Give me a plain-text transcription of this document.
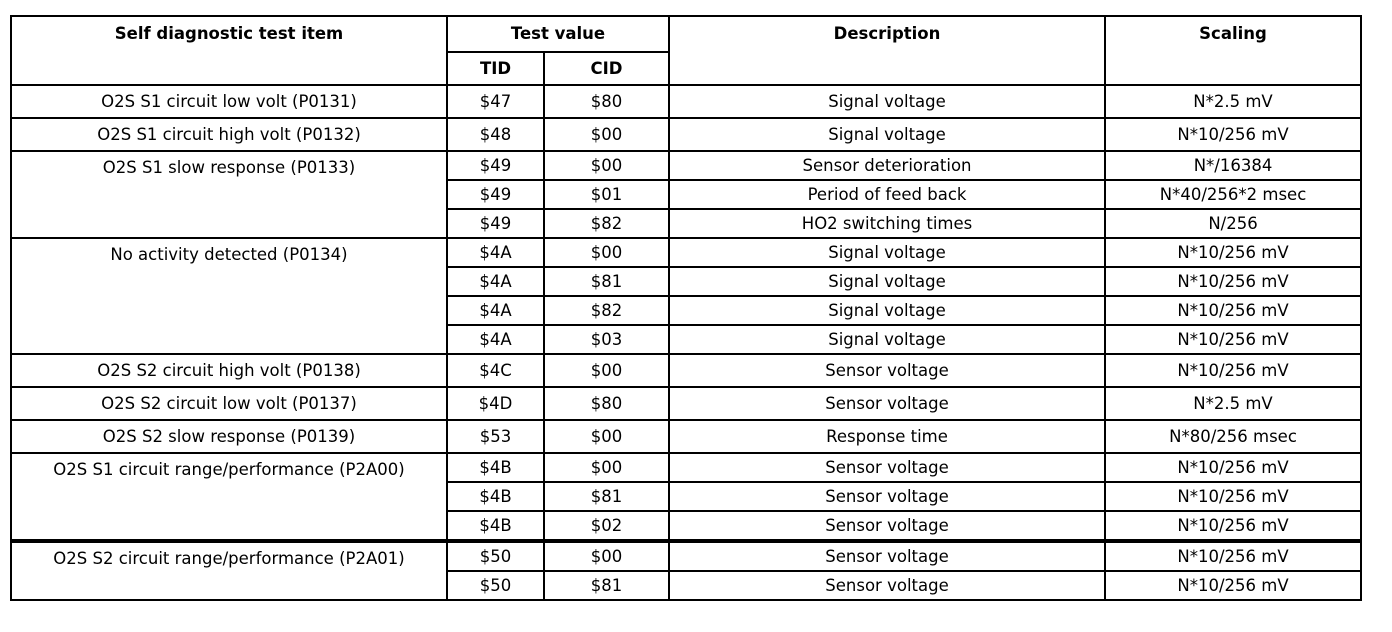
Self diagnostic test item	Test value		Description	Scaling
	TID	CID		
O2S S1 circuit low volt (P0131)	$47	$80	Signal voltage	N*2.5 mV
O2S S1 circuit high volt (P0132)	$48	$00	Signal voltage	N*10/256 mV
O2S S1 slow response (P0133)	$49	$00	Sensor deterioration	N*/16384
	$49	$01	Period of feed back	N*40/256*2 msec
	$49	$82	HO2 switching times	N/256
No activity detected (P0134)	$4A	$00	Signal voltage	N*10/256 mV
	$4A	$81	Signal voltage	N*10/256 mV
	$4A	$82	Signal voltage	N*10/256 mV
	$4A	$03	Signal voltage	N*10/256 mV
O2S S2 circuit high volt (P0138)	$4C	$00	Sensor voltage	N*10/256 mV
O2S S2 circuit low volt (P0137)	$4D	$80	Sensor voltage	N*2.5 mV
O2S S2 slow response (P0139)	$53	$00	Response time	N*80/256 msec
O2S S1 circuit range/performance (P2A00)	$4B	$00	Sensor voltage	N*10/256 mV
	$4B	$81	Sensor voltage	N*10/256 mV
	$4B	$02	Sensor voltage	N*10/256 mV
O2S S2 circuit range/performance (P2A01)	$50	$00	Sensor voltage	N*10/256 mV
	$50	$81	Sensor voltage	N*10/256 mV
